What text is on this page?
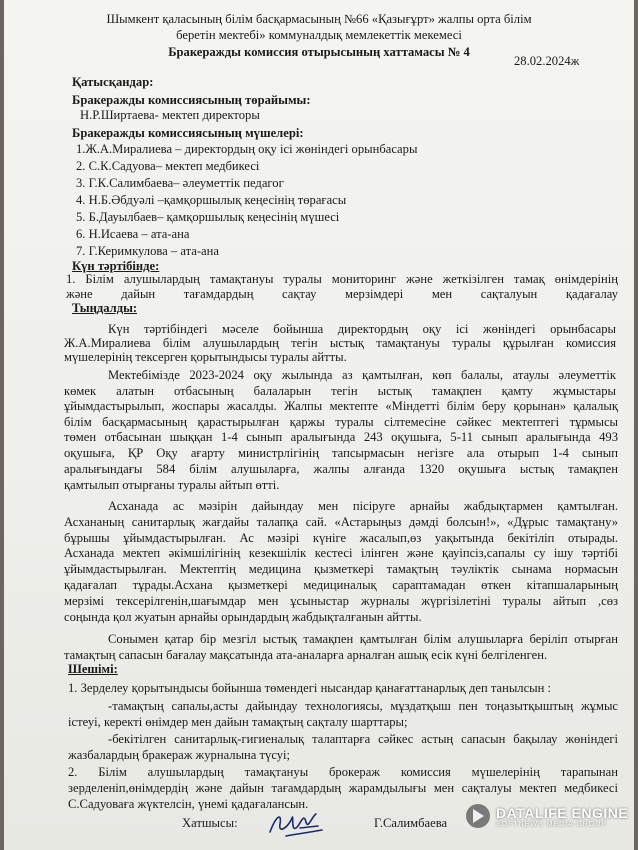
Шымкент қаласының білім басқармасының №66 «Қазығұрт» жалпы орта білім
беретін мектебі» коммуналдық мемлекеттік мекемесі
Бракеражды комиссия отырысының хаттамасы № 4
28.02.2024ж
Қатысқандар:
Бракеражды комиссиясының төрайымы:
Н.Р.Ширтаева- мектеп директоры
Бракеражды комиссиясының мүшелері:
1.Ж.А.Миралиева – директордың оқу ісі жөніндегі орынбасары
2. С.К.Садуова– мектеп медбикесі
3. Г.К.Салимбаева– әлеуметтік педагог
4. Н.Б.Әбдуәлі –қамқоршылық кеңесінің төрағасы
5. Б.Дауылбаев– қамқоршылық кеңесінің мүшесі
6. Н.Исаева – ата-ана
7. Г.Керимкулова – ата-ана
Күн тәртібінде:
1. Білім алушылардың тамақтануы туралы мониторинг және жеткізілген тамақ өнімдерінің
және дайын тағамдардың сақтау мерзімдері мен сақталуын қадағалау
Тыңдалды:
Күн тәртібіндегі мәселе бойынша директордың оқу ісі жөніндегі орынбасары
Ж.А.Миралиева білім алушылардың тегін ыстық тамақтануы туралы құрылған комиссия
мүшелерінің тексерген қорытындысы туралы айтты.
Мектебімізде 2023-2024 оқу жылында аз қамтылған, көп балалы, атаулы әлеуметтік
көмек алатын отбасының балаларын тегін ыстық тамақпен қамту жұмыстары
ұйымдастырылып, жоспары жасалды. Жалпы мектепте «Міндетті білім беру қорынан» қалалық
білім басқармасының қарастырылған қаржы туралы сілтемесіне сәйкес мектептегі тұрмысы
төмен отбасынан шыққан 1-4 сынып аралығында 243 оқушыға, 5-11 сынып аралығында 493
оқушыға, ҚР Оқу ағарту министрлігінің тапсырмасын негізге ала отырып 1-4 сынып
аралығындағы 584 білім алушыларға, жалпы алғанда 1320 оқушыға ыстық тамақпен
қамтылып отырғаны туралы айтып өтті.
Асханада ас мәзірін дайындау мен пісіруге арнайы жабдықтармен қамтылған.
Асхананың санитарлық жағдайы талапқа сай. «Астарыңыз дәмді болсын!», «Дұрыс тамақтану»
бұрышы ұйымдастырылған. Ас мәзірі күніге жасалып,өз уақытында бекітіліп отырады.
Асханада мектеп әкімшілігінің кезекшілік кестесі ілінген және қауіпсіз,сапалы су ішу тәртібі
ұйымдастырылған. Мектептің медицина қызметкері тамақтың тәуліктік сынама нормасын
қадағалап тұрады.Асхана қызметкері медициналық сараптамадан өткен кітапшаларының
мерзімі тексерілгенін,шағымдар мен ұсыныстар журналы жүргізілетіні туралы айтып ,сөз
соңында қол жуатын арнайы орындардың жабдықталғанын айтты.
Сонымен қатар бір мезгіл ыстық тамақпен қамтылған білім алушыларға беріліп отырған
тамақтың сапасын бағалау мақсатында ата-аналарға арналған ашық есік күні белгіленген.
Шешімі:
1. Зерделеу қорытындысы бойынша төмендегі нысандар қанағаттанарлық деп танылсын :
-тамақтың сапалы,асты дайындау технологиясы, мұздатқыш пен тоңазытқыштың жұмыс
істеуі, керекті өнімдер мен дайын тамақтың сақталу шарттары;
-бекітілген санитарлық-гигиеналық талаптарға сәйкес астың сапасын бақылау жөніндегі
жазбалардың бракераж журналына түсуі;
2. Білім алушылардың тамақтануы брокераж комиссия мүшелерінің тарапынан
зерделеніп,өнімдердің және дайын тағамдардың жарамдылығы мен сақталуы мектеп медбикесі
С.Садуоваға жүктелсін, үнемі қадағалансын.
Хатшысы:	Г.Салимбаева
DATALIFE ENGINE
SOFTNEWS MEDIA GROUP
